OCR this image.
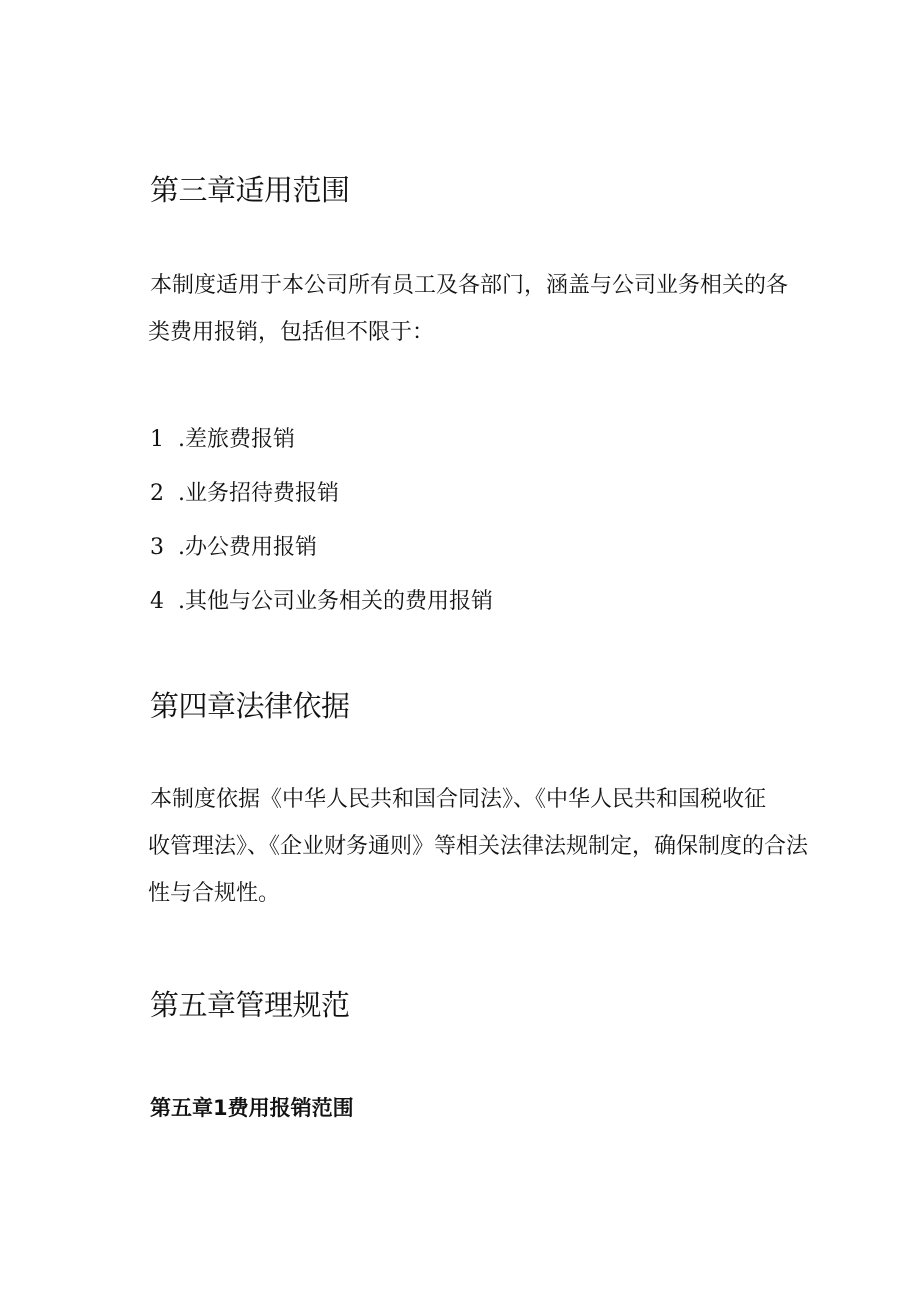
第三章适用范围
本制度适用于本公司所有员工及各部门，涵盖与公司业务相关的各
类费用报销，包括但不限于：

1 .差旅费报销

2 .业务招待费报销

3 .办公费用报销

4 .其他与公司业务相关的费用报销

第四章法律依据
本制度依据《中华人民共和国合同法》、《中华人民共和国税收征
收管理法》、《企业财务通则》等相关法律法规制定，确保制度的合法
性与合规性。
第五章管理规范
第五章1费用报销范围
